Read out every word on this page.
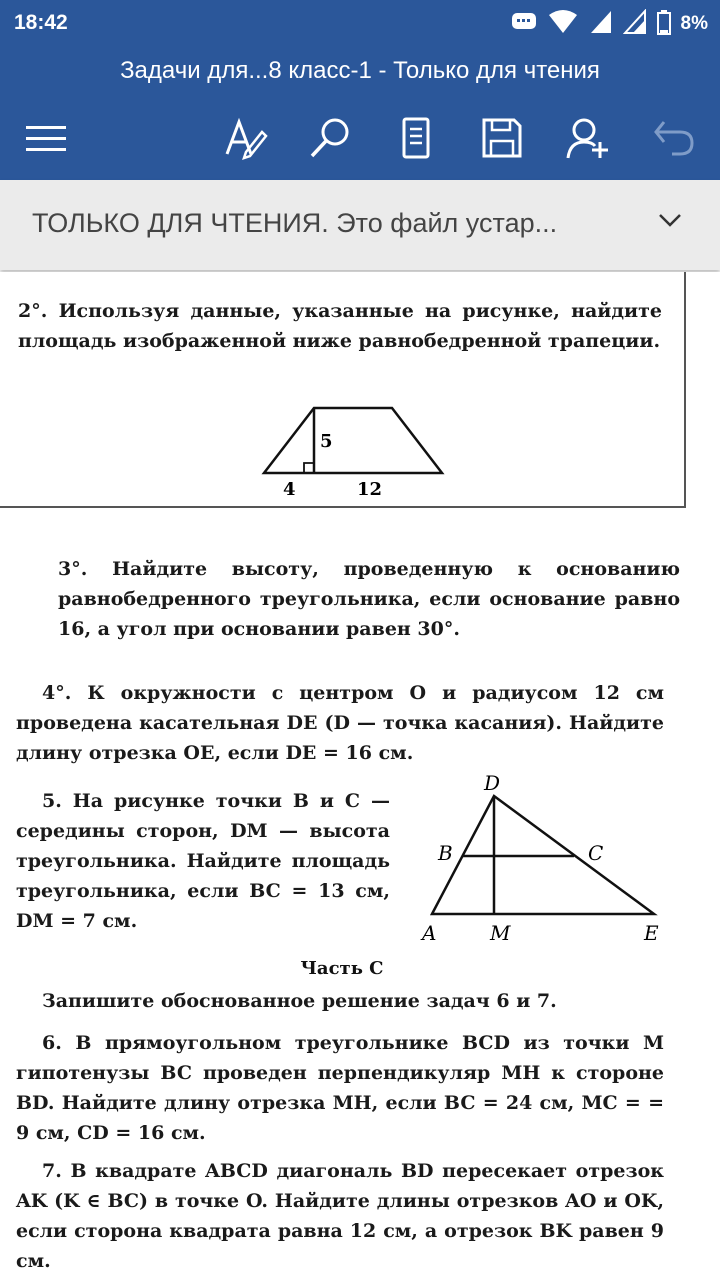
18:42	8%
Задачи для...8 класс-1 - Только для чтения
ТОЛЬКО ДЛЯ ЧТЕНИЯ. Это файл устар...
2°. Используя данные, указанные на рисунке, найдите площадь изображенной ниже равнобедренной трапеции.
5
4	12
3°. Найдите высоту, проведенную к основанию равнобедренного треугольника, если основание равно 16, а угол при основании равен 30°.
4°. К окружности с центром O и радиусом 12 см проведена касательная DE (D — точка касания). Найдите длину отрезка OE, если DE = 16 см.
5. На рисунке точки B и C — середины сторон, DM — высота треугольника. Найдите площадь треугольника, если BC = 13 см, DM = 7 см.
D
B	C
A	M	E
Часть С
Запишите обоснованное решение задач 6 и 7.
6. В прямоугольном треугольнике BCD из точки M гипотенузы BC проведен перпендикуляр MH к стороне BD. Найдите длину отрезка MH, если BC = 24 см, MC = = 9 см, CD = 16 см.
7. В квадрате ABCD диагональ BD пересекает отрезок AK (K ∈ BC) в точке O. Найдите длины отрезков AO и OK, если сторона квадрата равна 12 см, а отрезок BK равен 9 см.
